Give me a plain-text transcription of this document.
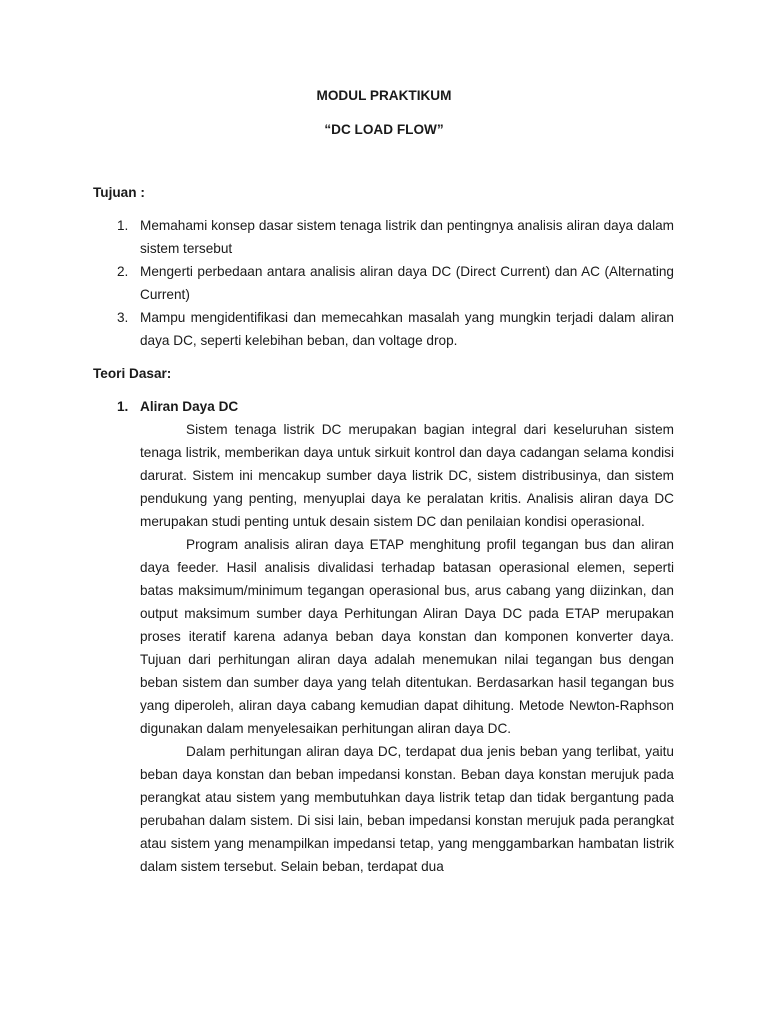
MODUL PRAKTIKUM
“DC LOAD FLOW”
Tujuan :
1. Memahami konsep dasar sistem tenaga listrik dan pentingnya analisis aliran daya dalam sistem tersebut
2. Mengerti perbedaan antara analisis aliran daya DC (Direct Current) dan AC (Alternating Current)
3. Mampu mengidentifikasi dan memecahkan masalah yang mungkin terjadi dalam aliran daya DC, seperti kelebihan beban, dan voltage drop.
Teori Dasar:
1. Aliran Daya DC

Sistem tenaga listrik DC merupakan bagian integral dari keseluruhan sistem tenaga listrik, memberikan daya untuk sirkuit kontrol dan daya cadangan selama kondisi darurat. Sistem ini mencakup sumber daya listrik DC, sistem distribusinya, dan sistem pendukung yang penting, menyuplai daya ke peralatan kritis. Analisis aliran daya DC merupakan studi penting untuk desain sistem DC dan penilaian kondisi operasional.

Program analisis aliran daya ETAP menghitung profil tegangan bus dan aliran daya feeder. Hasil analisis divalidasi terhadap batasan operasional elemen, seperti batas maksimum/minimum tegangan operasional bus, arus cabang yang diizinkan, dan output maksimum sumber daya Perhitungan Aliran Daya DC pada ETAP merupakan proses iteratif karena adanya beban daya konstan dan komponen konverter daya. Tujuan dari perhitungan aliran daya adalah menemukan nilai tegangan bus dengan beban sistem dan sumber daya yang telah ditentukan. Berdasarkan hasil tegangan bus yang diperoleh, aliran daya cabang kemudian dapat dihitung. Metode Newton-Raphson digunakan dalam menyelesaikan perhitungan aliran daya DC.

Dalam perhitungan aliran daya DC, terdapat dua jenis beban yang terlibat, yaitu beban daya konstan dan beban impedansi konstan. Beban daya konstan merujuk pada perangkat atau sistem yang membutuhkan daya listrik tetap dan tidak bergantung pada perubahan dalam sistem. Di sisi lain, beban impedansi konstan merujuk pada perangkat atau sistem yang menampilkan impedansi tetap, yang menggambarkan hambatan listrik dalam sistem tersebut. Selain beban, terdapat dua
